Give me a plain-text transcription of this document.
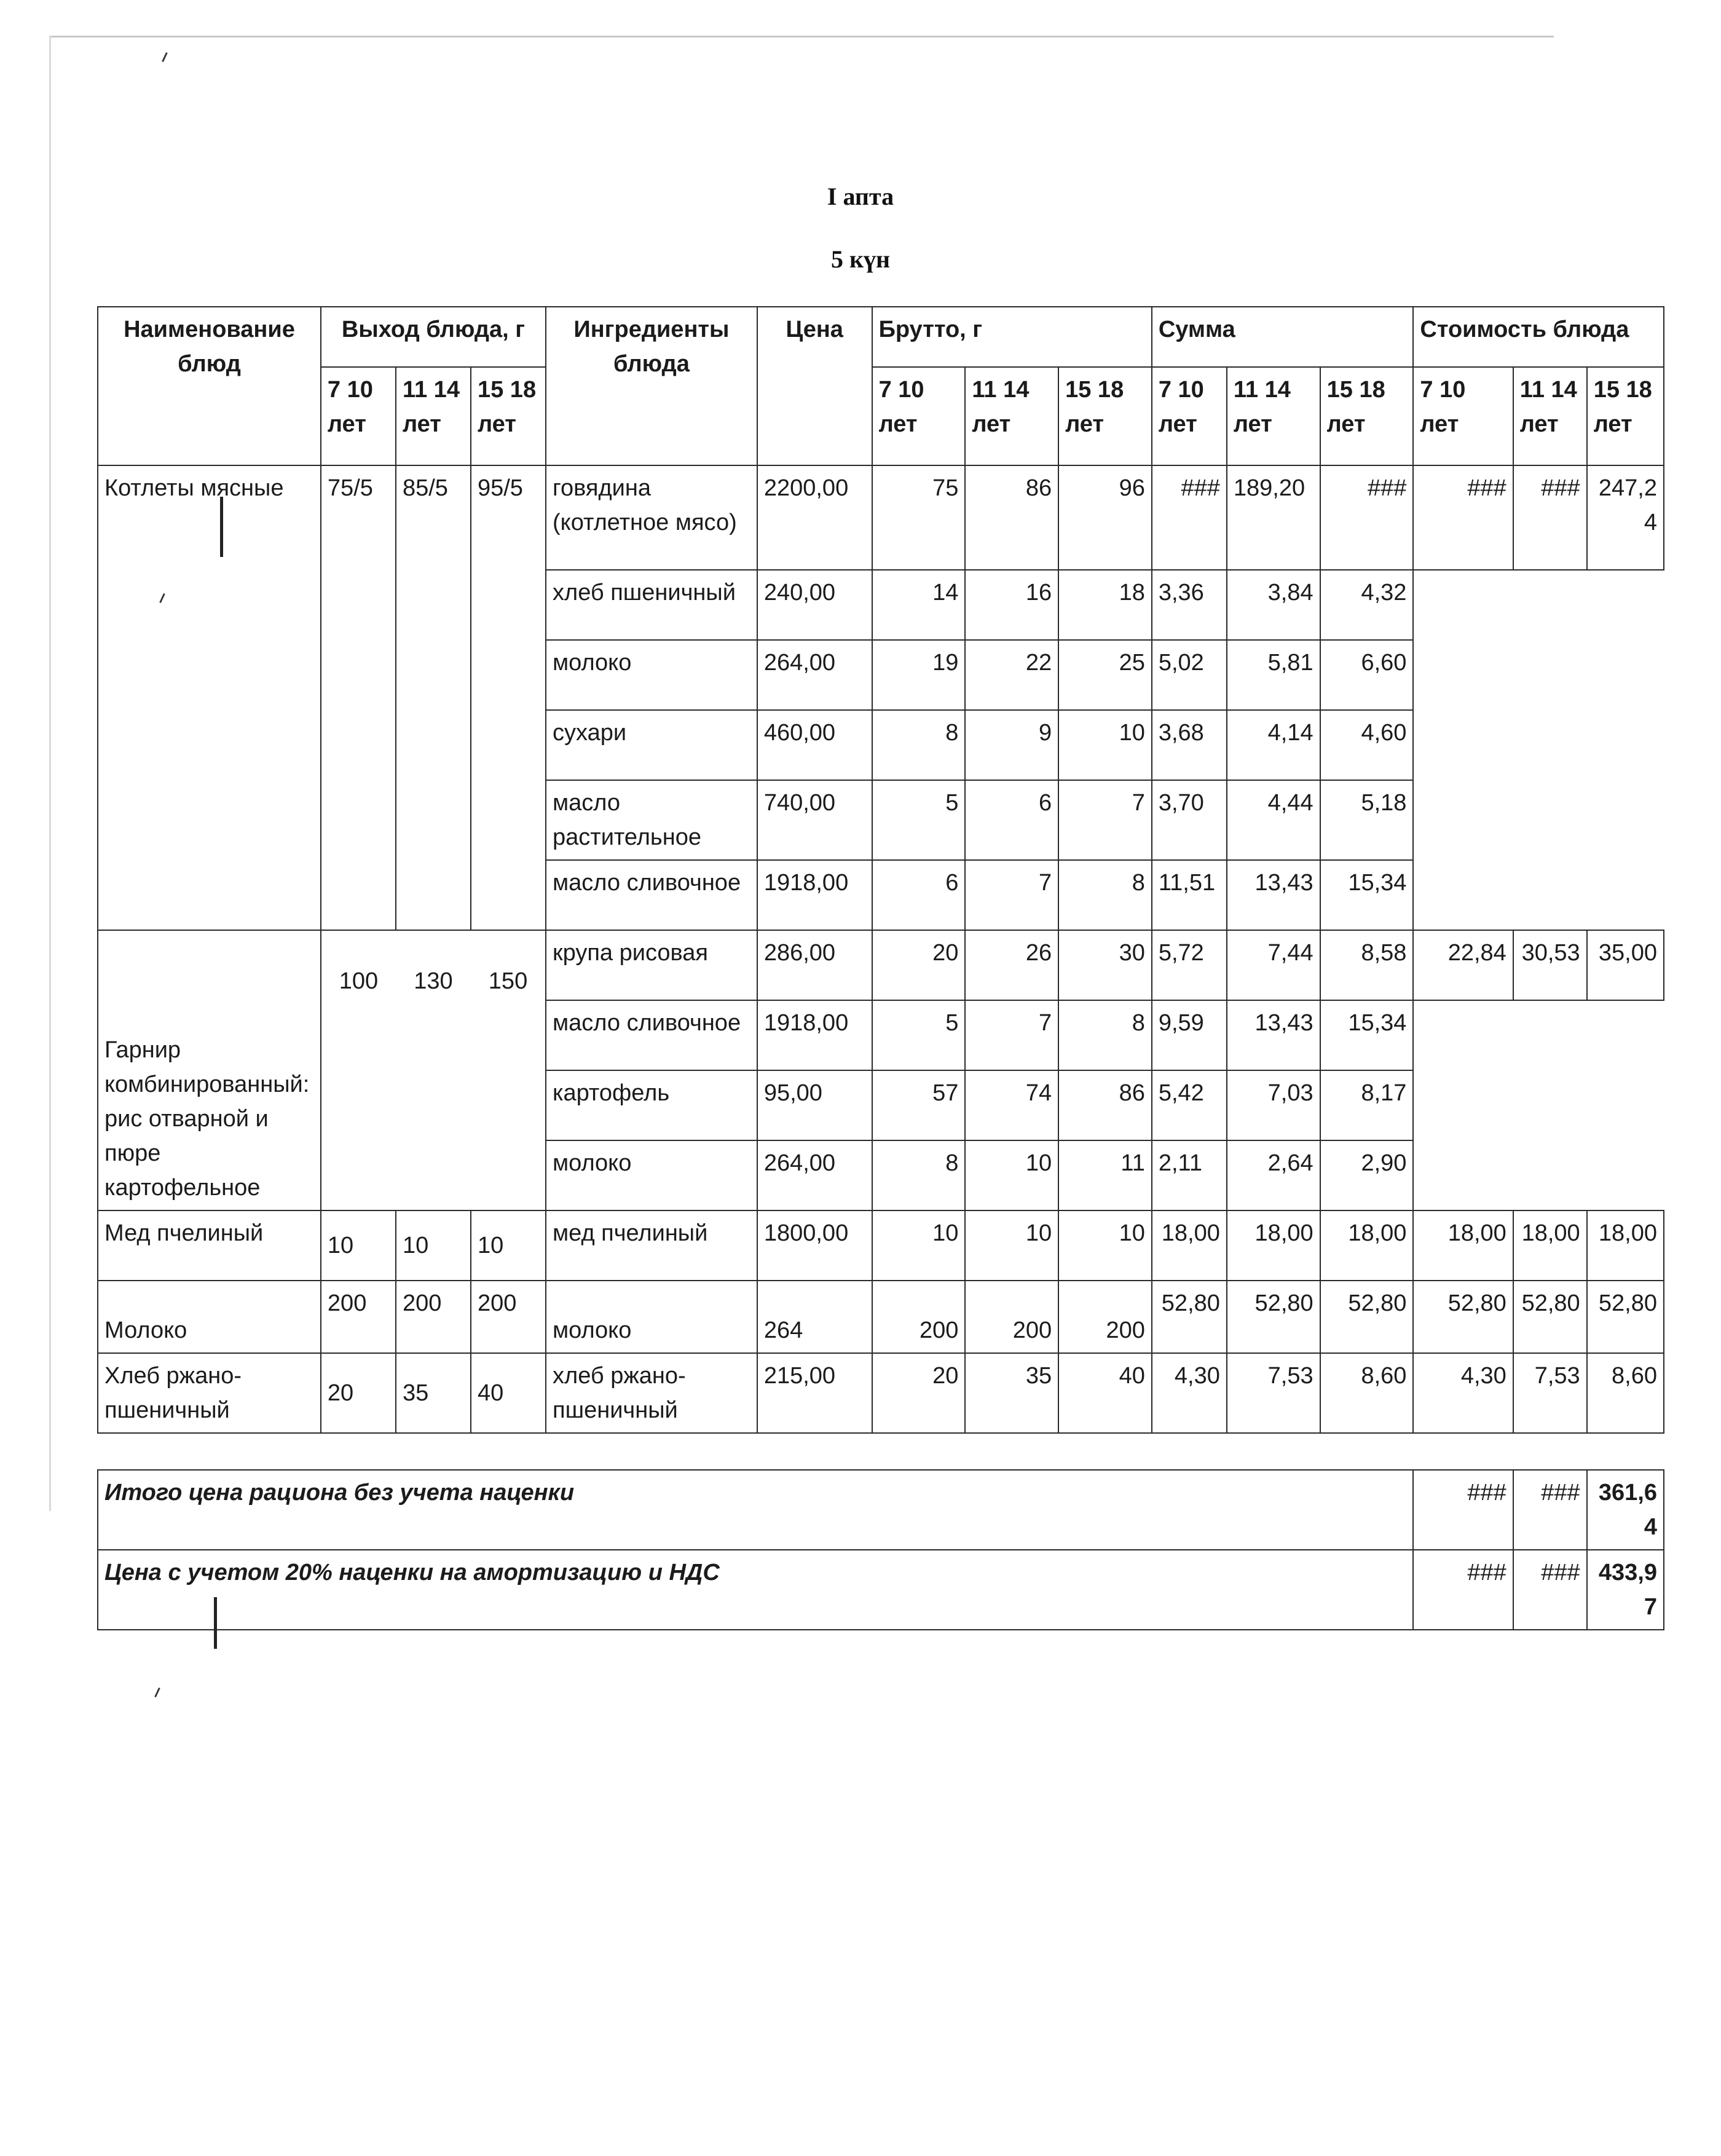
ᐟ
ᐟ
ᐟ
I апта
5 күн
Наименование блюд	Выход блюда, г			Ингредиенты блюда	Цена	Брутто, г			Сумма			Стоимость блюда		
	7 10 лет	11 14 лет	15 18 лет			7 10 лет	11 14 лет	15 18 лет	7 10 лет	11 14 лет	15 18 лет	7 10 лет	11 14 лет	15 18 лет
Котлеты мясные	75/5	85/5	95/5	говядина (котлетное мясо)	2200,00	75	86	96	###	189,20	###	###	###	247,24
				хлеб пшеничный	240,00	14	16	18	3,36	3,84	4,32			
				молоко	264,00	19	22	25	5,02	5,81	6,60			
				сухари	460,00	8	9	10	3,68	4,14	4,60			
				масло растительное	740,00	5	6	7	3,70	4,44	5,18			
				масло сливочное	1918,00	6	7	8	11,51	13,43	15,34			
Гарнир комбинированный: рис отварной и пюре картофельное	100	130	150	крупа рисовая	286,00	20	26	30	5,72	7,44	8,58	22,84	30,53	35,00
				масло сливочное	1918,00	5	7	8	9,59	13,43	15,34			
				картофель	95,00	57	74	86	5,42	7,03	8,17			
				молоко	264,00	8	10	11	2,11	2,64	2,90			
Мед пчелиный	10	10	10	мед пчелиный	1800,00	10	10	10	18,00	18,00	18,00	18,00	18,00	18,00
Молоко	200	200	200	молоко	264	200	200	200	52,80	52,80	52,80	52,80	52,80	52,80
Хлеб ржано-пшеничный	20	35	40	хлеб ржано-пшеничный	215,00	20	35	40	4,30	7,53	8,60	4,30	7,53	8,60

Итого цена рациона без учета наценки												###	###	361,64
Цена с учетом 20% наценки на амортизацию и НДС												###	###	433,97
